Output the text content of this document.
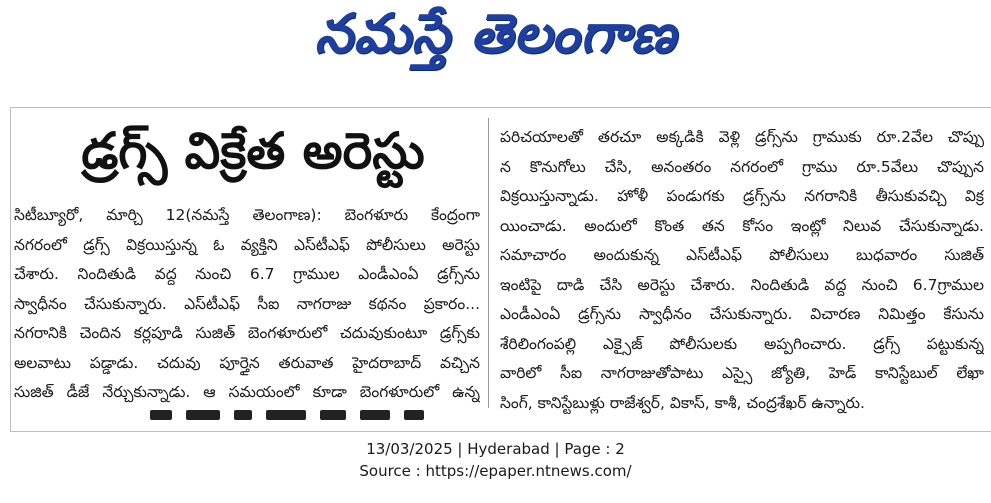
నమస్తే తెలంగాణ
డ్రగ్స్ విక్రేత అరెస్టు

సిటీబ్యూరో, మార్చి 12(నమస్తే తెలంగాణ): బెంగళూరు కేంద్రంగా

నగరంలో డ్రగ్స్ విక్రయిస్తున్న ఓ వ్యక్తిని ఎస్‌టీఎఫ్ పోలీసులు అరెస్టు

చేశారు. నిందితుడి వద్ద నుంచి 6.7 గ్రాముల ఎండీఎంఏ డ్రగ్స్‌ను

స్వాధీనం చేసుకున్నారు. ఎస్‌టీఎఫ్ సీఐ నాగరాజు కథనం ప్రకారం...

నగరానికి చెందిన కర్లపూడి సుజిత్ బెంగళూరులో చదువుకుంటూ డ్రగ్స్‌కు

అలవాటు పడ్డాడు. చదువు పూర్తైన తరువాత హైదరాబాద్ వచ్చిన

సుజిత్ డీజే నేర్చుకున్నాడు. ఆ సమయంలో కూడా బెంగళూరులో ఉన్న

పరిచయాలతో తరచూ అక్కడికి వెళ్లి డ్రగ్స్‌ను గ్రాముకు రూ.2వేల చొప్పు

న కొనుగోలు చేసి, అనంతరం నగరంలో గ్రాము రూ.5వేలు చొప్పున

విక్రయిస్తున్నాడు. హోళీ పండుగకు డ్రగ్స్‌ను నగరానికి తీసుకువచ్చి విక్ర

యించాడు. అందులో కొంత తన కోసం ఇంట్లో నిలువ చేసుకున్నాడు.

సమాచారం అందుకున్న ఎస్‌టీఎఫ్ పోలీసులు బుధవారం సుజిత్

ఇంటిపై దాడి చేసి అరెస్టు చేశారు. నిందితుడి వద్ద నుంచి 6.7గ్రాముల

ఎండీఎంఏ డ్రగ్స్‌ను స్వాధీనం చేసుకున్నారు. విచారణ నిమిత్తం కేసును

శేరిలింగంపల్లి ఎక్సైజ్ పోలీసులకు అప్పగించారు. డ్రగ్స్ పట్టుకున్న

వారిలో సీఐ నాగరాజుతోపాటు ఎస్సై జ్యోతి, హెడ్ కానిస్టేబుల్ లేఖా

సింగ్, కానిస్టేబుళ్లు రాజేశ్వర్, వికాస్, కాశీ, చంద్రశేఖర్ ఉన్నారు.

13/03/2025 | Hyderabad | Page : 2
Source : https://epaper.ntnews.com/
